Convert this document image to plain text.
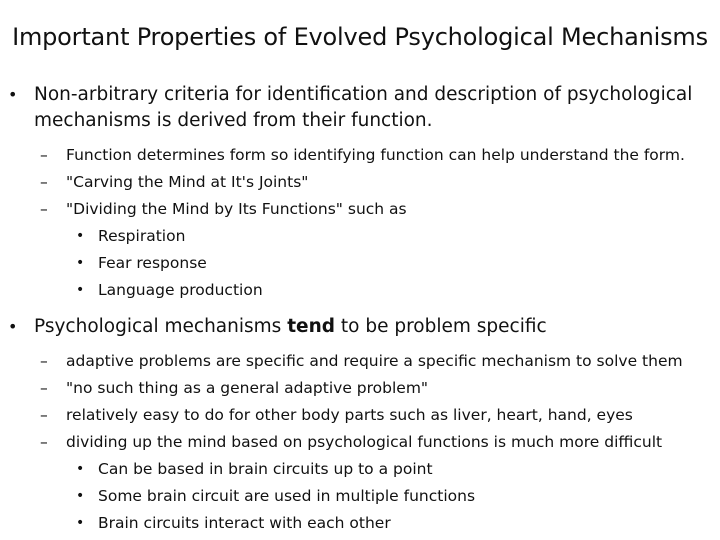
Important Properties of Evolved Psychological Mechanisms
• Non-arbitrary criteria for identification and description of psychological mechanisms is derived from their function.
– Function determines form so identifying function can help understand the form.
– "Carving the Mind at It's Joints"
– "Dividing the Mind by Its Functions" such as
• Respiration
• Fear response
• Language production
• Psychological mechanisms tend to be problem specific
– adaptive problems are specific and require a specific mechanism to solve them
– "no such thing as a general adaptive problem"
– relatively easy to do for other body parts such as liver, heart, hand, eyes
– dividing up the mind based on psychological functions is much more difficult
• Can be based in brain circuits up to a point
• Some brain circuit are used in multiple functions
• Brain circuits interact with each other
